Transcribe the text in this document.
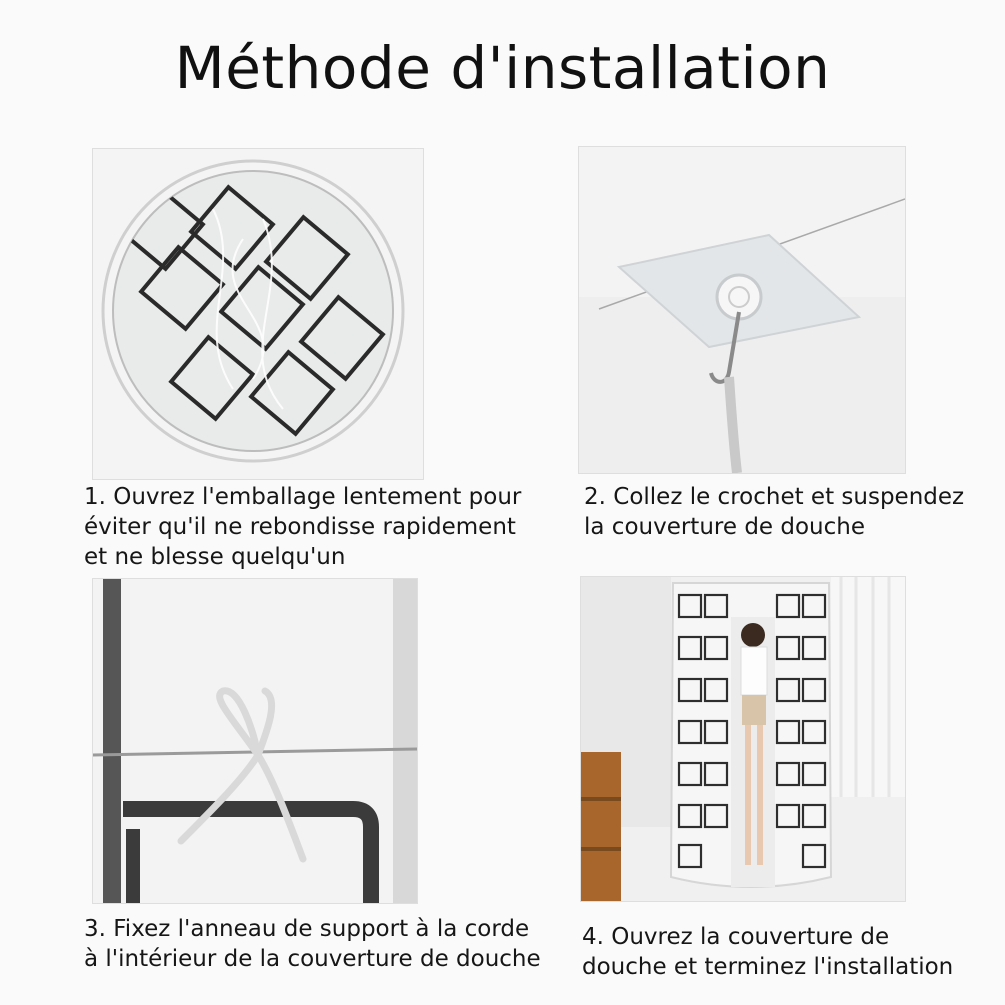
Méthode d'installation
1. Ouvrez l'emballage lentement pour
éviter qu'il ne rebondisse rapidement
et ne blesse quelqu'un
2. Collez le crochet et suspendez
la couverture de douche
3. Fixez l'anneau de support à la corde
à l'intérieur de la couverture de douche
4. Ouvrez la couverture de
douche et terminez l'installation
